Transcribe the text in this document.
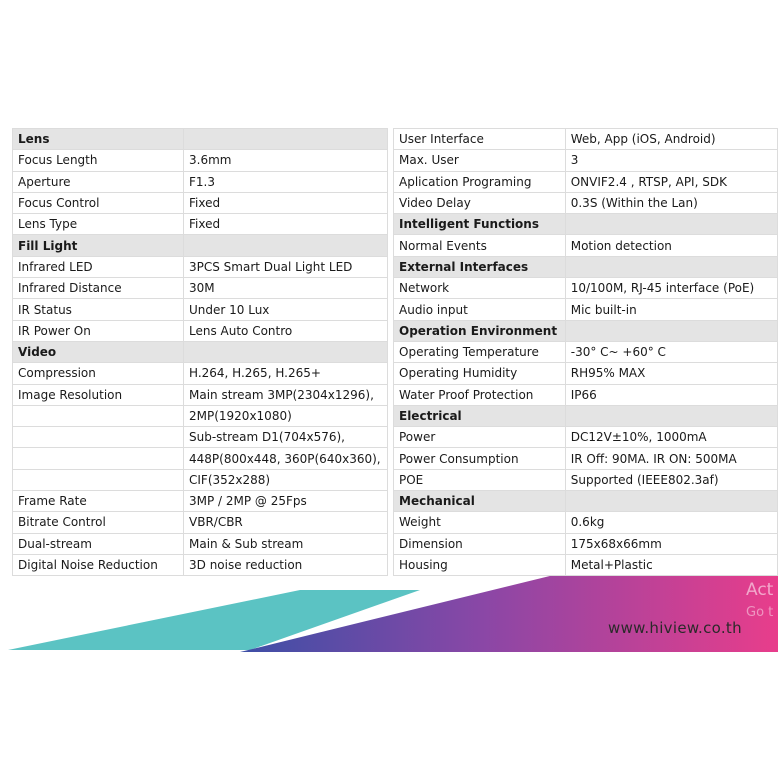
Lens	
Focus Length	3.6mm
Aperture	F1.3
Focus Control	Fixed
Lens Type	Fixed
Fill Light	
Infrared LED	3PCS Smart Dual Light LED
Infrared Distance	30M
IR Status	Under 10 Lux
IR Power On	Lens Auto Contro
Video	
Compression	H.264, H.265, H.265+
Image Resolution	Main stream 3MP(2304x1296),
	2MP(1920x1080)
	Sub-stream D1(704x576),
	448P(800x448, 360P(640x360),
	CIF(352x288)
Frame Rate	3MP / 2MP @ 25Fps
Bitrate Control	VBR/CBR
Dual-stream	Main & Sub stream
Digital Noise Reduction	3D noise reduction
User Interface	Web, App (iOS, Android)
Max. User	3
Aplication Programing	ONVIF2.4 , RTSP, API, SDK
Video Delay	0.3S (Within the Lan)
Intelligent Functions	
Normal Events	Motion detection
External Interfaces	
Network	10/100M, RJ-45 interface (PoE)
Audio input	Mic built-in
Operation Environment	
Operating Temperature	-30° C~ +60° C
Operating Humidity	RH95% MAX
Water Proof Protection	IP66
Electrical	
Power	DC12V±10%, 1000mA
Power Consumption	IR Off: 90MA. IR ON: 500MA
POE	Supported (IEEE802.3af)
Mechanical	
Weight	0.6kg
Dimension	175x68x66mm
Housing	Metal+Plastic
Act
Go t
www.hiview.co.th
